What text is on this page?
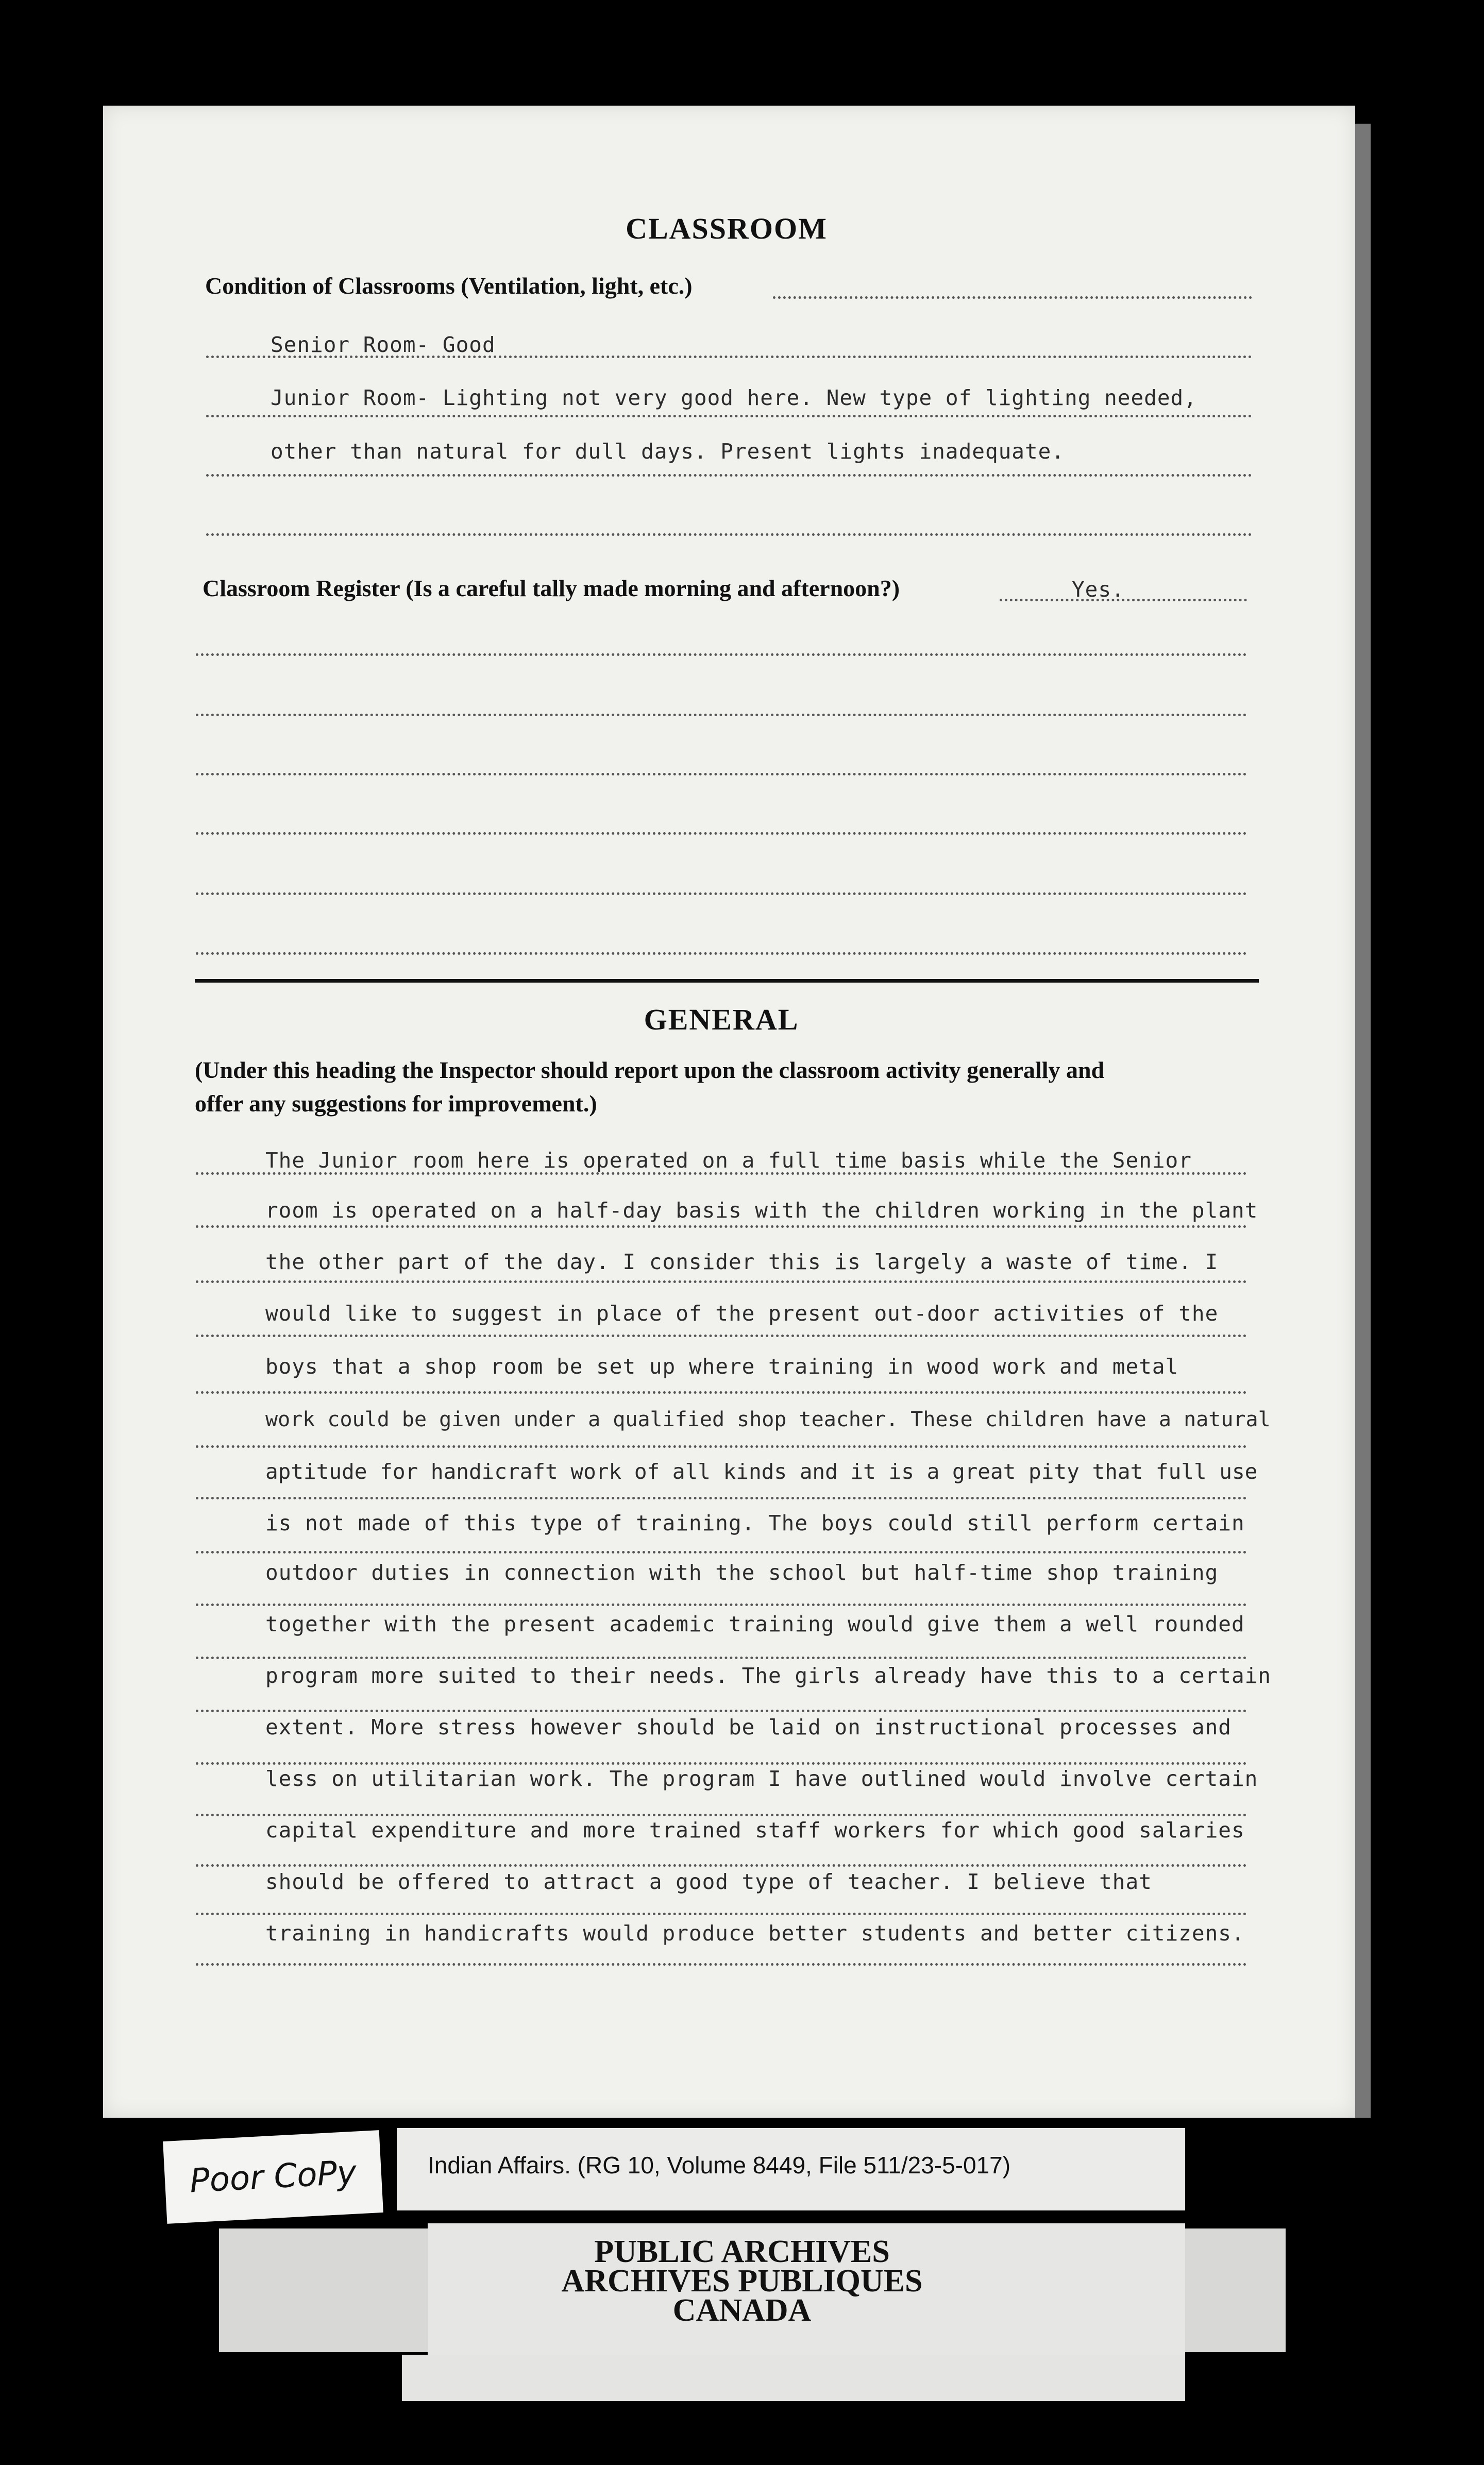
CLASSROOM
Condition of Classrooms (Ventilation, light, etc.)
Senior Room- Good
Junior Room- Lighting not very good here. New type of lighting needed,
other than natural for dull days. Present lights inadequate.
Classroom Register (Is a careful tally made morning and afternoon?)	Yes.
GENERAL
(Under this heading the Inspector should report upon the classroom activity generally and
offer any suggestions for improvement.)
The Junior room here is operated on a full time basis while the Senior
room is operated on a half-day basis with the children working in the plant
the other part of the day. I consider this is largely a waste of time. I
would like to suggest in place of the present out-door activities of the
boys that a shop room be set up where training in wood work and metal
work could be given under a qualified shop teacher. These children have a natural
aptitude for handicraft work of all kinds and it is a great pity that full use
is not made of this type of training. The boys could still perform certain
outdoor duties in connection with the school but half-time shop training
together with the present academic training would give them a well rounded
program more suited to their needs. The girls already have this to a certain
extent. More stress however should be laid on instructional processes and
less on utilitarian work. The program I have outlined would involve certain
capital expenditure and more trained staff workers for which good salaries
should be offered to attract a good type of teacher. I believe that
training in handicrafts would produce better students and better citizens.
Poor CoPy	Indian Affairs. (RG 10, Volume 8449, File 511/23-5-017)
PUBLIC ARCHIVES
ARCHIVES PUBLIQUES
CANADA
